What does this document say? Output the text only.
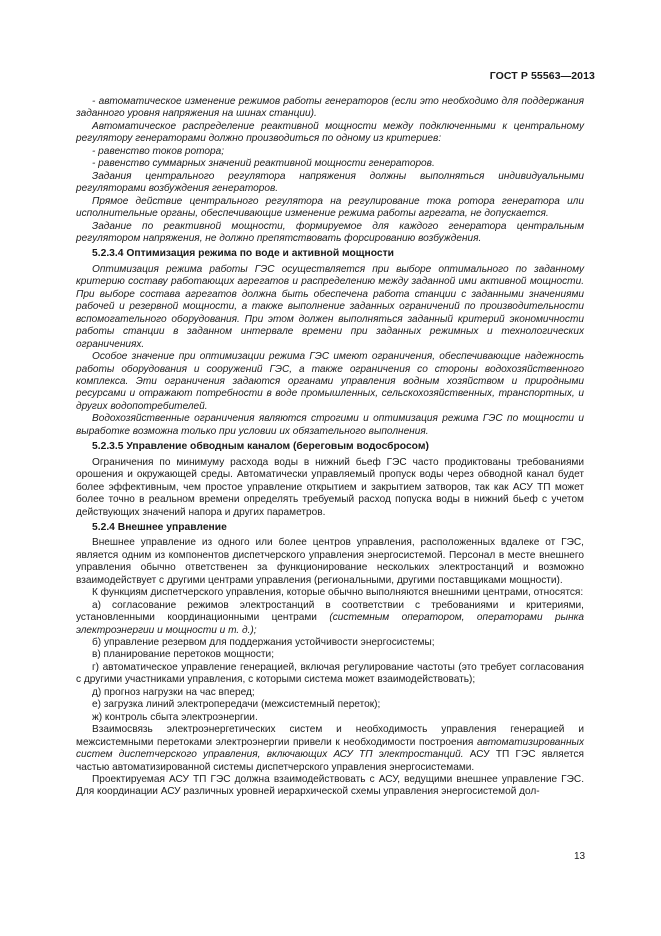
ГОСТ Р 55563—2013

- автоматическое изменение режимов работы генераторов (если это необходимо для поддержания заданного уровня напряжения на шинах станции).

Автоматическое распределение реактивной мощности между подключенными к центральному регулятору генераторами должно производиться по одному из критериев:

- равенство токов ротора;

- равенство суммарных значений реактивной мощности генераторов.

Задания центрального регулятора напряжения должны выполняться индивидуальными регуляторами возбуждения генераторов.

Прямое действие центрального регулятора на регулирование тока ротора генератора или исполнительные органы, обеспечивающие изменение режима работы агрегата, не допускается.

Задание по реактивной мощности, формируемое для каждого генератора центральным регулятором напряжения, не должно препятствовать форсированию возбуждения.

5.2.3.4 Оптимизация режима по воде и активной мощности

Оптимизация режима работы ГЭС осуществляется при выборе оптимального по заданному критерию составу работающих агрегатов и распределению между заданной ими активной мощности. При выборе состава агрегатов должна быть обеспечена работа станции с заданными значениями рабочей и резервной мощности, а также выполнение заданных ограничений по производительности вспомогательного оборудования. При этом должен выполняться заданный критерий экономичности работы станции в заданном интервале времени при заданных режимных и технологических ограничениях.

Особое значение при оптимизации режима ГЭС имеют ограничения, обеспечивающие надежность работы оборудования и сооружений ГЭС, а также ограничения со стороны водохозяйственного комплекса. Эти ограничения задаются органами управления водным хозяйством и природными ресурсами и отражают потребности в воде промышленных, сельскохозяйственных, транспортных, и других водопотребителей.

Водохозяйственные ограничения являются строгими и оптимизация режима ГЭС по мощности и выработке возможна только при условии их обязательного выполнения.

5.2.3.5 Управление обводным каналом (береговым водосбросом)

Ограничения по минимуму расхода воды в нижний бьеф ГЭС часто продиктованы требованиями орошения и окружающей среды. Автоматически управляемый пропуск воды через обводной канал будет более эффективным, чем простое управление открытием и закрытием затворов, так как АСУ ТП может более точно в реальном времени определять требуемый расход попуска воды в нижний бьеф с учетом действующих значений напора и других параметров.

5.2.4 Внешнее управление

Внешнее управление из одного или более центров управления, расположенных вдалеке от ГЭС, является одним из компонентов диспетчерского управления энергосистемой. Персонал в месте внешнего управления обычно ответственен за функционирование нескольких электростанций и возможно взаимодействует с другими центрами управления (региональными, другими поставщиками мощности).

К функциям диспетчерского управления, которые обычно выполняются внешними центрами, относятся:

а) согласование режимов электростанций в соответствии с требованиями и критериями, установленными координационными центрами (системным оператором, операторами рынка электроэнергии и мощности и т. д.);

б) управление резервом для поддержания устойчивости энергосистемы;

в) планирование перетоков мощности;

г) автоматическое управление генерацией, включая регулирование частоты (это требует согласования с другими участниками управления, с которыми система может взаимодействовать);

д) прогноз нагрузки на час вперед;

е) загрузка линий электропередачи (межсистемный переток);

ж) контроль сбыта электроэнергии.

Взаимосвязь электроэнергетических систем и необходимость управления генерацией и межсистемными перетоками электроэнергии привели к необходимости построения автоматизированных систем диспетчерского управления, включающих АСУ ТП электростанций. АСУ ТП ГЭС является частью автоматизированной системы диспетчерского управления энергосистемами.

Проектируемая АСУ ТП ГЭС должна взаимодействовать с АСУ, ведущими внешнее управление ГЭС. Для координации АСУ различных уровней иерархической схемы управления энергосистемой дол-

13
